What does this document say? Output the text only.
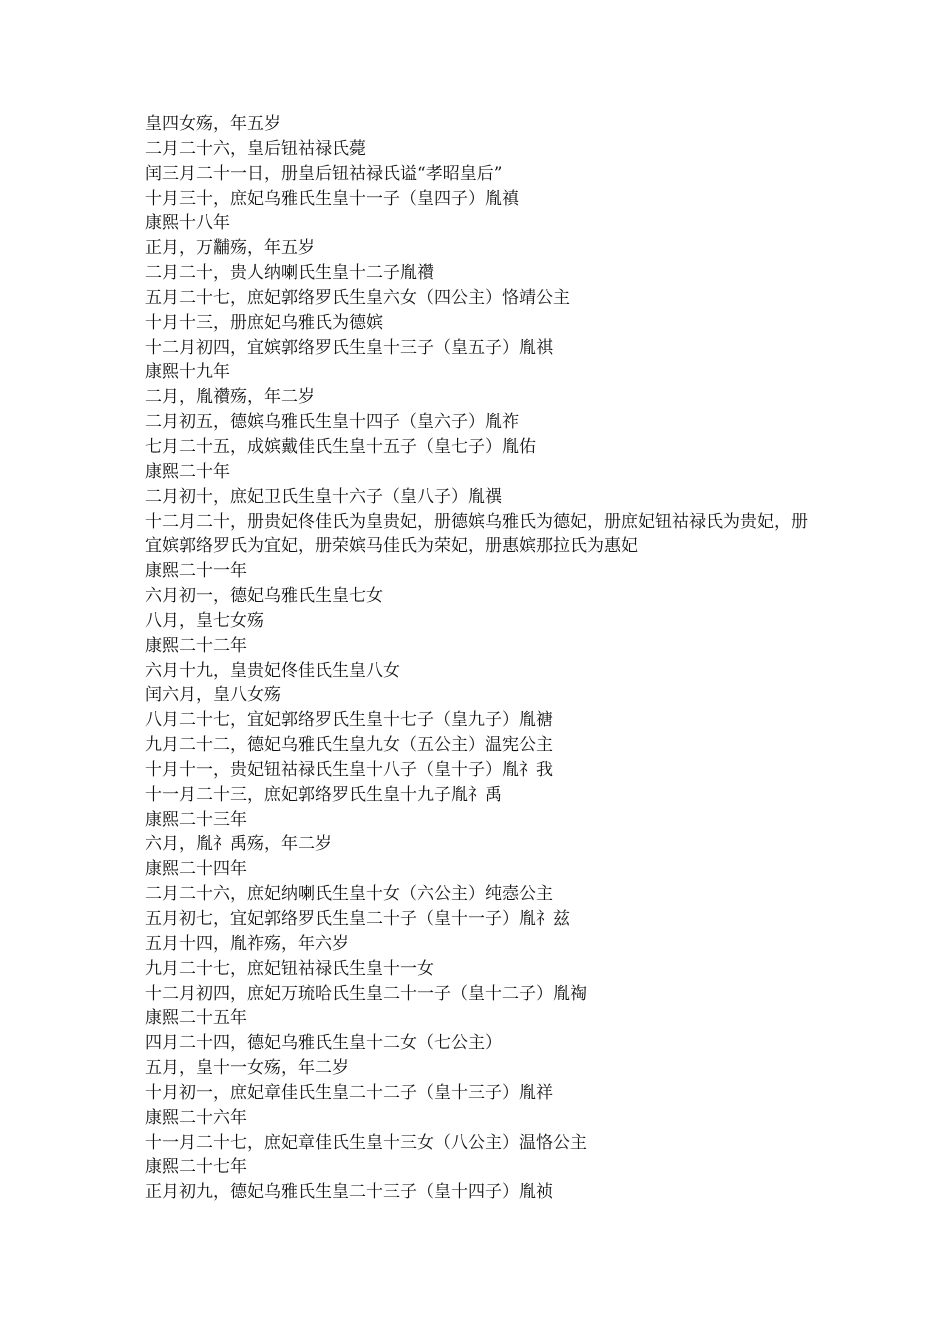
皇四女殇，年五岁

二月二十六，皇后钮祜禄氏薨

闰三月二十一日，册皇后钮祜禄氏谥“孝昭皇后”

十月三十，庶妃乌雅氏生皇十一子（皇四子）胤禛

康熙十八年

正月，万黼殇，年五岁

二月二十，贵人纳喇氏生皇十二子胤禶

五月二十七，庶妃郭络罗氏生皇六女（四公主）恪靖公主

十月十三，册庶妃乌雅氏为德嫔

十二月初四，宜嫔郭络罗氏生皇十三子（皇五子）胤祺

康熙十九年

二月，胤禶殇，年二岁

二月初五，德嫔乌雅氏生皇十四子（皇六子）胤祚

七月二十五，成嫔戴佳氏生皇十五子（皇七子）胤佑

康熙二十年

二月初十，庶妃卫氏生皇十六子（皇八子）胤禩

十二月二十，册贵妃佟佳氏为皇贵妃，册德嫔乌雅氏为德妃，册庶妃钮祜禄氏为贵妃，册宜嫔郭络罗氏为宜妃，册荣嫔马佳氏为荣妃，册惠嫔那拉氏为惠妃

康熙二十一年

六月初一，德妃乌雅氏生皇七女

八月，皇七女殇

康熙二十二年

六月十九，皇贵妃佟佳氏生皇八女

闰六月，皇八女殇

八月二十七，宜妃郭络罗氏生皇十七子（皇九子）胤禟

九月二十二，德妃乌雅氏生皇九女（五公主）温宪公主

十月十一，贵妃钮祜禄氏生皇十八子（皇十子）胤礻我

十一月二十三，庶妃郭络罗氏生皇十九子胤礻禹

康熙二十三年

六月，胤礻禹殇，年二岁

康熙二十四年

二月二十六，庶妃纳喇氏生皇十女（六公主）纯悫公主

五月初七，宜妃郭络罗氏生皇二十子（皇十一子）胤礻兹

五月十四，胤祚殇，年六岁

九月二十七，庶妃钮祜禄氏生皇十一女

十二月初四，庶妃万琉哈氏生皇二十一子（皇十二子）胤祹

康熙二十五年

四月二十四，德妃乌雅氏生皇十二女（七公主）

五月，皇十一女殇，年二岁

十月初一，庶妃章佳氏生皇二十二子（皇十三子）胤祥

康熙二十六年

十一月二十七，庶妃章佳氏生皇十三女（八公主）温恪公主

康熙二十七年

正月初九，德妃乌雅氏生皇二十三子（皇十四子）胤祯
